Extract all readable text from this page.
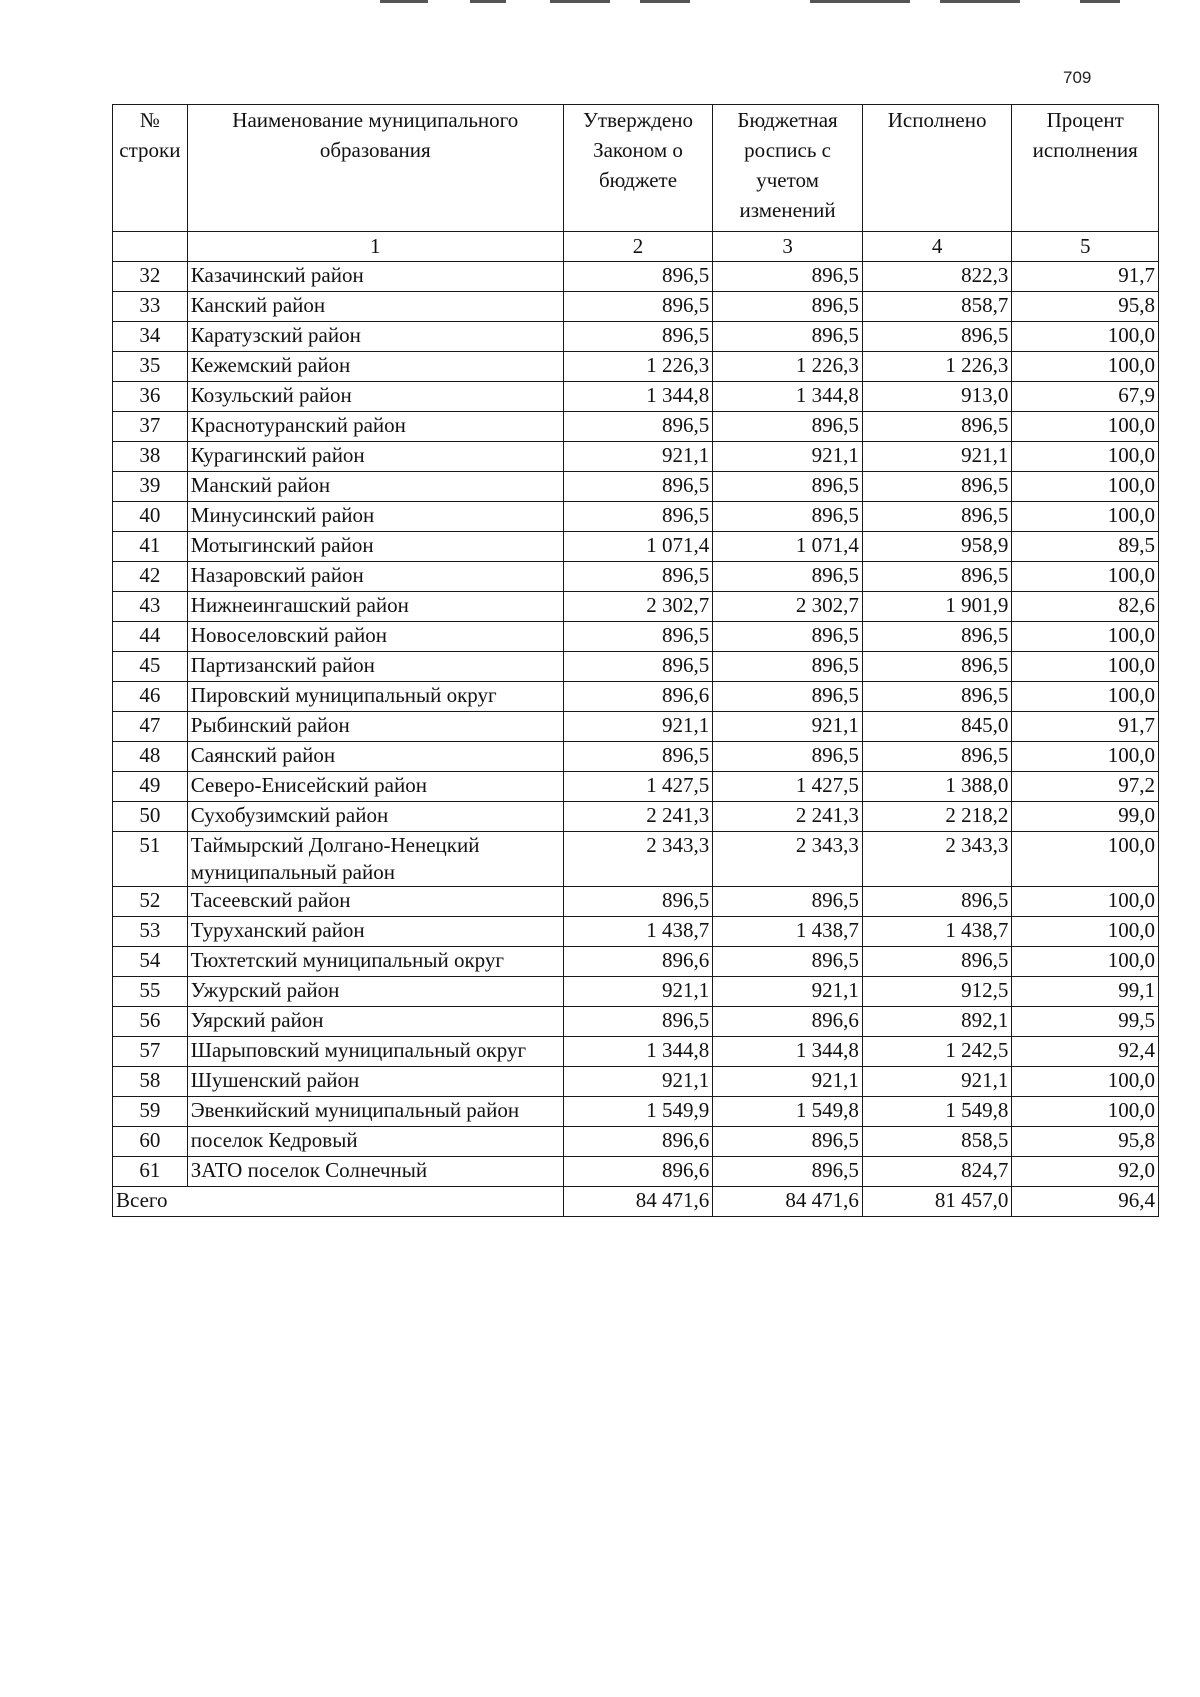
709
№ строки	Наименование муниципального образования	Утверждено Законом о бюджете	Бюджетная роспись с учетом изменений	Исполнено	Процент исполнения
	1	2	3	4	5
32	Казачинский район	896,5	896,5	822,3	91,7
33	Канский район	896,5	896,5	858,7	95,8
34	Каратузский район	896,5	896,5	896,5	100,0
35	Кежемский район	1 226,3	1 226,3	1 226,3	100,0
36	Козульский район	1 344,8	1 344,8	913,0	67,9
37	Краснотуранский район	896,5	896,5	896,5	100,0
38	Курагинский район	921,1	921,1	921,1	100,0
39	Манский район	896,5	896,5	896,5	100,0
40	Минусинский район	896,5	896,5	896,5	100,0
41	Мотыгинский район	1 071,4	1 071,4	958,9	89,5
42	Назаровский район	896,5	896,5	896,5	100,0
43	Нижнеингашский район	2 302,7	2 302,7	1 901,9	82,6
44	Новоселовский район	896,5	896,5	896,5	100,0
45	Партизанский район	896,5	896,5	896,5	100,0
46	Пировский муниципальный округ	896,6	896,5	896,5	100,0
47	Рыбинский район	921,1	921,1	845,0	91,7
48	Саянский район	896,5	896,5	896,5	100,0
49	Северо-Енисейский район	1 427,5	1 427,5	1 388,0	97,2
50	Сухобузимский район	2 241,3	2 241,3	2 218,2	99,0
51	Таймырский Долгано-Ненецкий муниципальный район	2 343,3	2 343,3	2 343,3	100,0
52	Тасеевский район	896,5	896,5	896,5	100,0
53	Туруханский район	1 438,7	1 438,7	1 438,7	100,0
54	Тюхтетский муниципальный округ	896,6	896,5	896,5	100,0
55	Ужурский район	921,1	921,1	912,5	99,1
56	Уярский район	896,5	896,6	892,1	99,5
57	Шарыповский муниципальный округ	1 344,8	1 344,8	1 242,5	92,4
58	Шушенский район	921,1	921,1	921,1	100,0
59	Эвенкийский муниципальный район	1 549,9	1 549,8	1 549,8	100,0
60	поселок Кедровый	896,6	896,5	858,5	95,8
61	ЗАТО поселок Солнечный	896,6	896,5	824,7	92,0
Всего		84 471,6	84 471,6	81 457,0	96,4
